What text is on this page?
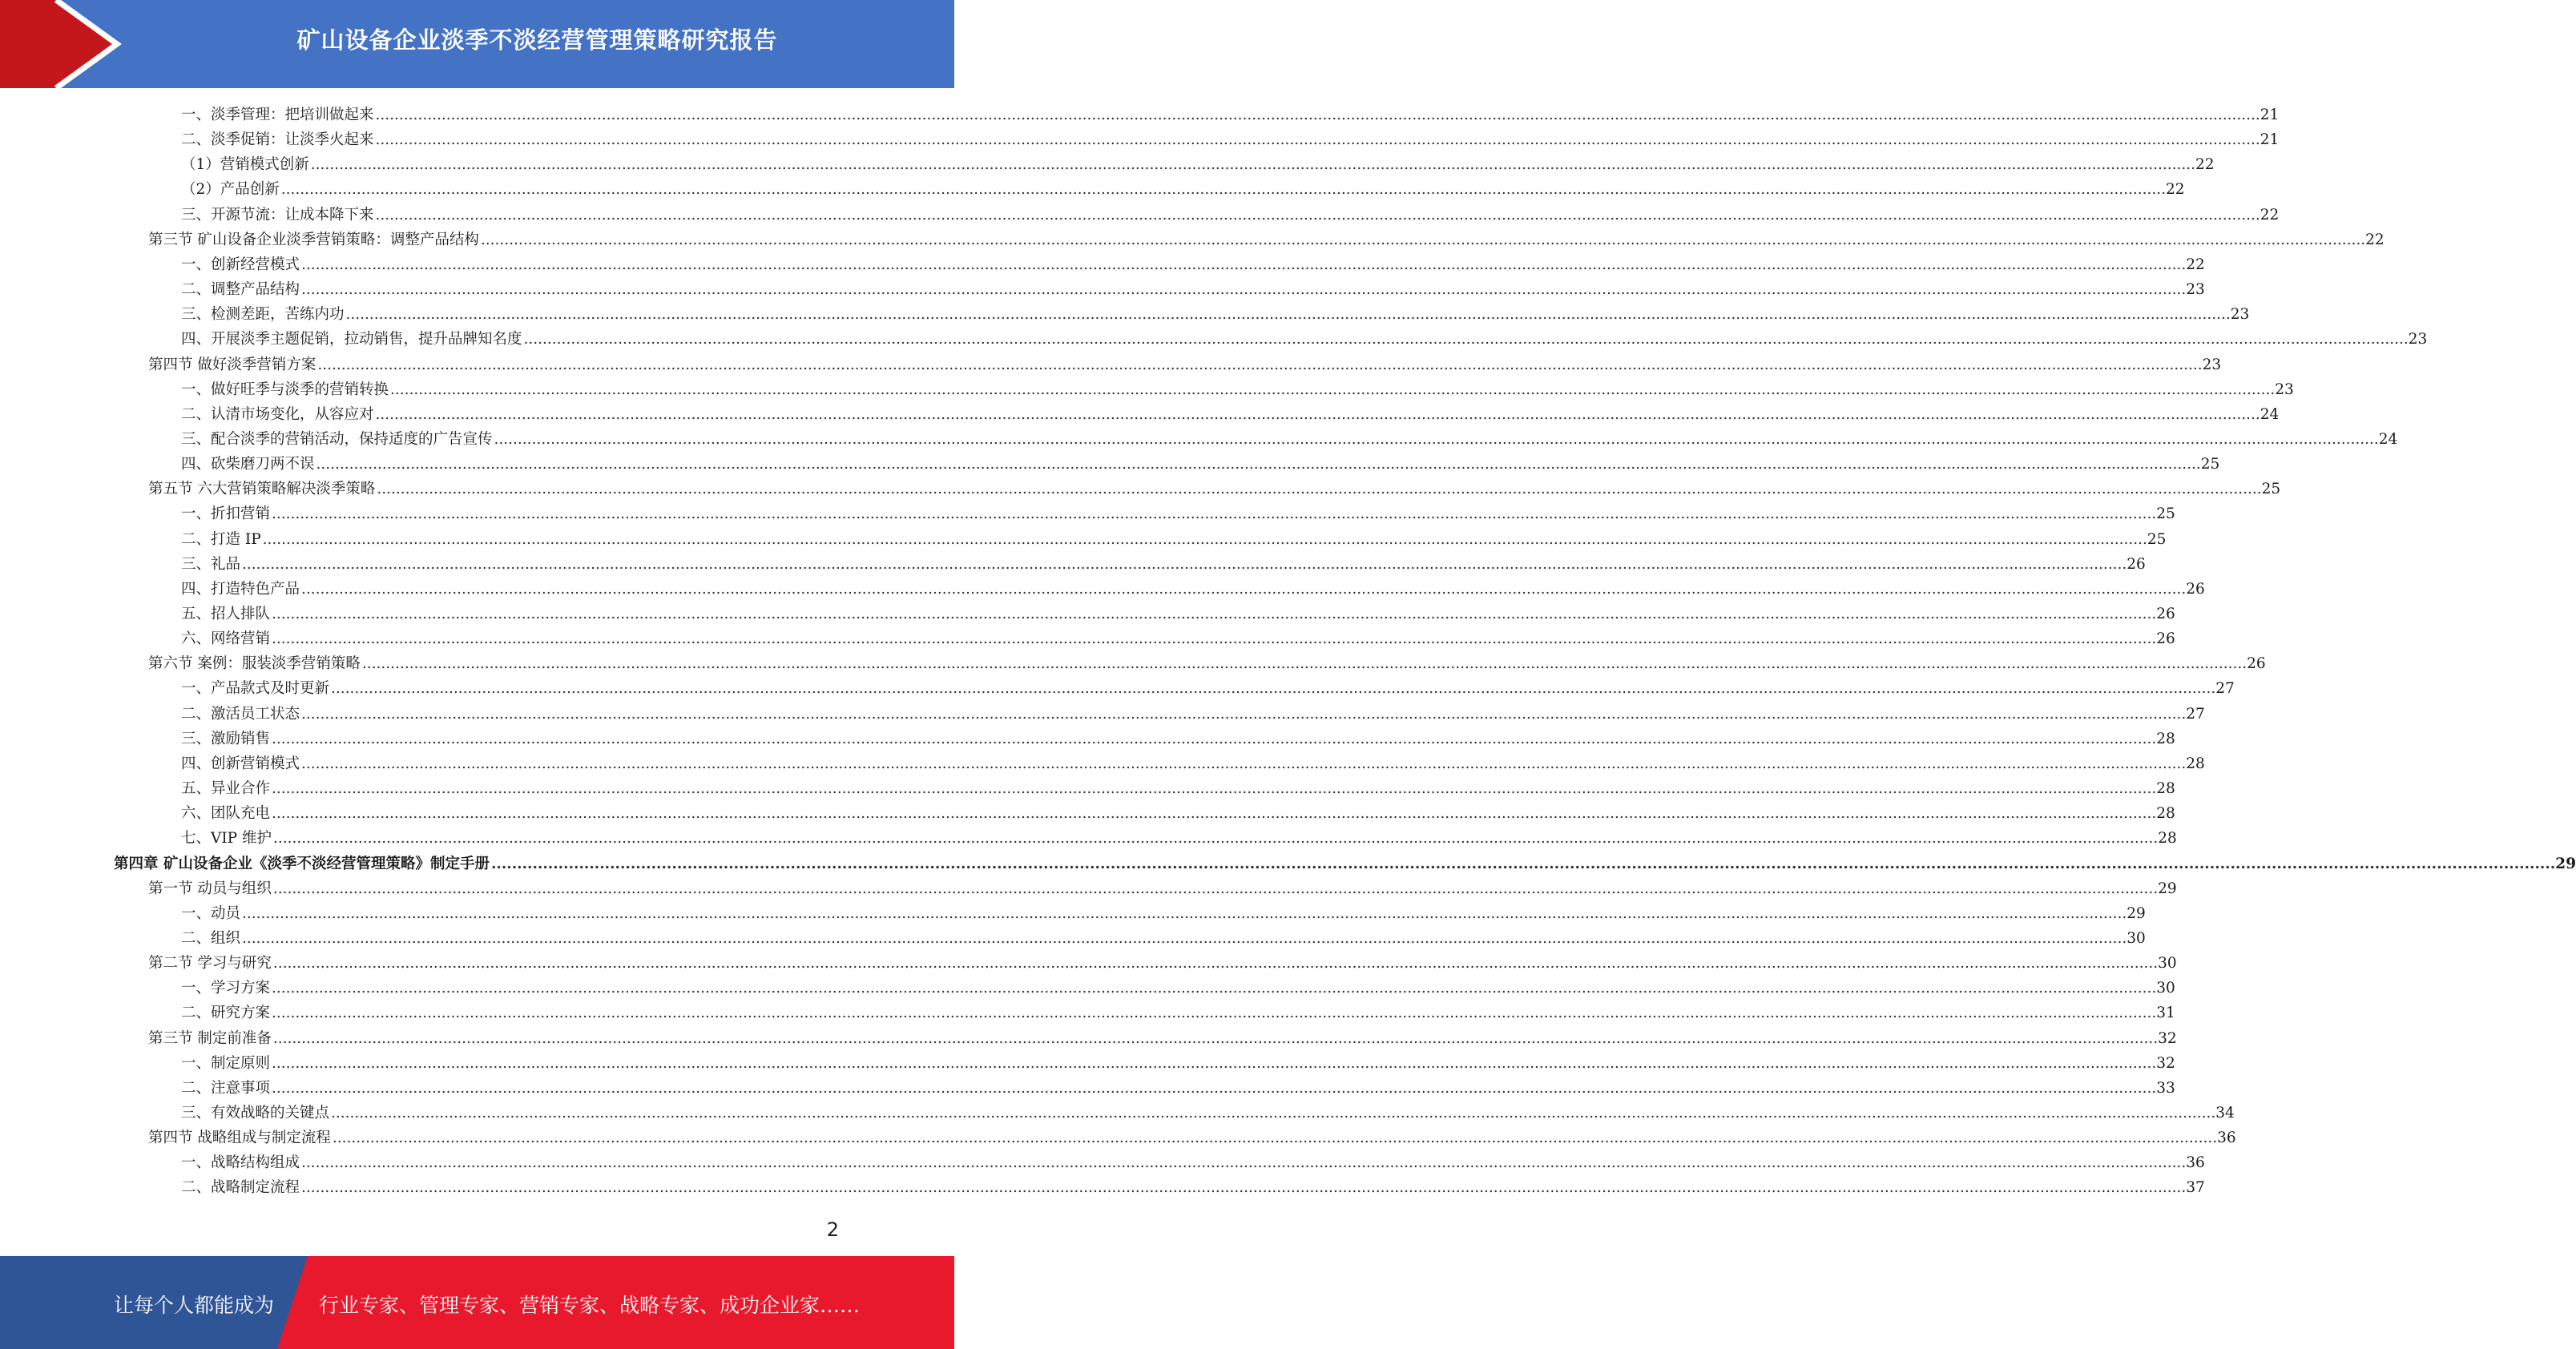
矿山设备企业淡季不淡经营管理策略研究报告
一、淡季管理：把培训做起来 ................................................................................................................................................................................................................................................................................................................................................................................................................ 21
二、淡季促销：让淡季火起来 ................................................................................................................................................................................................................................................................................................................................................................................................................ 21
（1）营销模式创新 ................................................................................................................................................................................................................................................................................................................................................................................................................ 22
（2）产品创新 ................................................................................................................................................................................................................................................................................................................................................................................................................ 22
三、开源节流：让成本降下来 ................................................................................................................................................................................................................................................................................................................................................................................................................ 22
第三节 矿山设备企业淡季营销策略：调整产品结构 ................................................................................................................................................................................................................................................................................................................................................................................................................ 22
一、创新经营模式 ................................................................................................................................................................................................................................................................................................................................................................................................................ 22
二、调整产品结构 ................................................................................................................................................................................................................................................................................................................................................................................................................ 23
三、检测差距，苦练内功 ................................................................................................................................................................................................................................................................................................................................................................................................................ 23
四、开展淡季主题促销，拉动销售，提升品牌知名度 ................................................................................................................................................................................................................................................................................................................................................................................................................ 23
第四节 做好淡季营销方案 ................................................................................................................................................................................................................................................................................................................................................................................................................ 23
一、做好旺季与淡季的营销转换 ................................................................................................................................................................................................................................................................................................................................................................................................................ 23
二、认清市场变化，从容应对 ................................................................................................................................................................................................................................................................................................................................................................................................................ 24
三、配合淡季的营销活动，保持适度的广告宣传 ................................................................................................................................................................................................................................................................................................................................................................................................................ 24
四、砍柴磨刀两不误 ................................................................................................................................................................................................................................................................................................................................................................................................................ 25
第五节 六大营销策略解决淡季策略 ................................................................................................................................................................................................................................................................................................................................................................................................................ 25
一、折扣营销 ................................................................................................................................................................................................................................................................................................................................................................................................................ 25
二、打造 IP ................................................................................................................................................................................................................................................................................................................................................................................................................ 25
三、礼品 ................................................................................................................................................................................................................................................................................................................................................................................................................ 26
四、打造特色产品 ................................................................................................................................................................................................................................................................................................................................................................................................................ 26
五、招人排队 ................................................................................................................................................................................................................................................................................................................................................................................................................ 26
六、网络营销 ................................................................................................................................................................................................................................................................................................................................................................................................................ 26
第六节 案例：服装淡季营销策略 ................................................................................................................................................................................................................................................................................................................................................................................................................ 26
一、产品款式及时更新 ................................................................................................................................................................................................................................................................................................................................................................................................................ 27
二、激活员工状态 ................................................................................................................................................................................................................................................................................................................................................................................................................ 27
三、激励销售 ................................................................................................................................................................................................................................................................................................................................................................................................................ 28
四、创新营销模式 ................................................................................................................................................................................................................................................................................................................................................................................................................ 28
五、异业合作 ................................................................................................................................................................................................................................................................................................................................................................................................................ 28
六、团队充电 ................................................................................................................................................................................................................................................................................................................................................................................................................ 28
七、VIP 维护 ................................................................................................................................................................................................................................................................................................................................................................................................................ 28
第四章 矿山设备企业《淡季不淡经营管理策略》制定手册 ................................................................................................................................................................................................................................................................................................................................................................................................................ 29
第一节 动员与组织 ................................................................................................................................................................................................................................................................................................................................................................................................................ 29
一、动员 ................................................................................................................................................................................................................................................................................................................................................................................................................ 29
二、组织 ................................................................................................................................................................................................................................................................................................................................................................................................................ 30
第二节 学习与研究 ................................................................................................................................................................................................................................................................................................................................................................................................................ 30
一、学习方案 ................................................................................................................................................................................................................................................................................................................................................................................................................ 30
二、研究方案 ................................................................................................................................................................................................................................................................................................................................................................................................................ 31
第三节 制定前准备 ................................................................................................................................................................................................................................................................................................................................................................................................................ 32
一、制定原则 ................................................................................................................................................................................................................................................................................................................................................................................................................ 32
二、注意事项 ................................................................................................................................................................................................................................................................................................................................................................................................................ 33
三、有效战略的关键点 ................................................................................................................................................................................................................................................................................................................................................................................................................ 34
第四节 战略组成与制定流程 ................................................................................................................................................................................................................................................................................................................................................................................................................ 36
一、战略结构组成 ................................................................................................................................................................................................................................................................................................................................................................................................................ 36
二、战略制定流程 ................................................................................................................................................................................................................................................................................................................................................................................................................ 37
2
让每个人都能成为 行业专家、管理专家、营销专家、战略专家、成功企业家……
